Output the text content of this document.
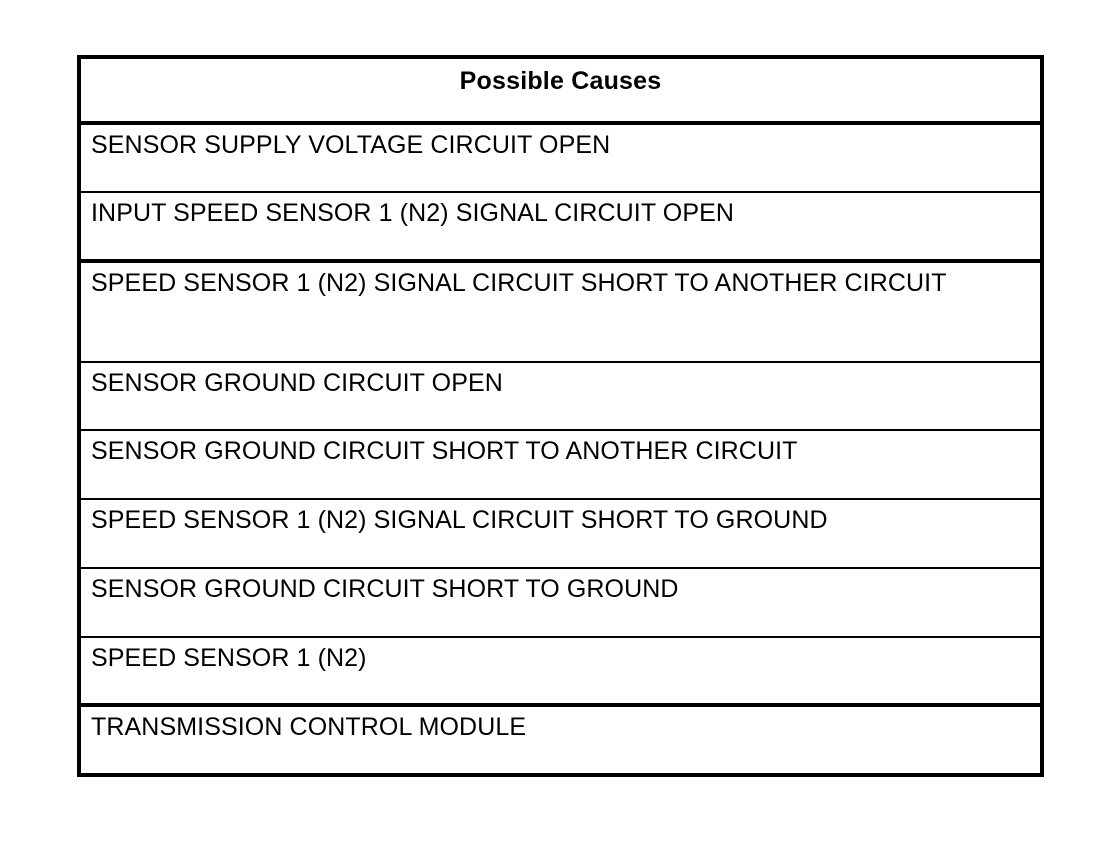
Possible Causes
SENSOR SUPPLY VOLTAGE CIRCUIT OPEN
INPUT SPEED SENSOR 1 (N2) SIGNAL CIRCUIT OPEN
SPEED SENSOR 1 (N2) SIGNAL CIRCUIT SHORT TO ANOTHER CIRCUIT
SENSOR GROUND CIRCUIT OPEN
SENSOR GROUND CIRCUIT SHORT TO ANOTHER CIRCUIT
SPEED SENSOR 1 (N2) SIGNAL CIRCUIT SHORT TO GROUND
SENSOR GROUND CIRCUIT SHORT TO GROUND
SPEED SENSOR 1 (N2)
TRANSMISSION CONTROL MODULE
